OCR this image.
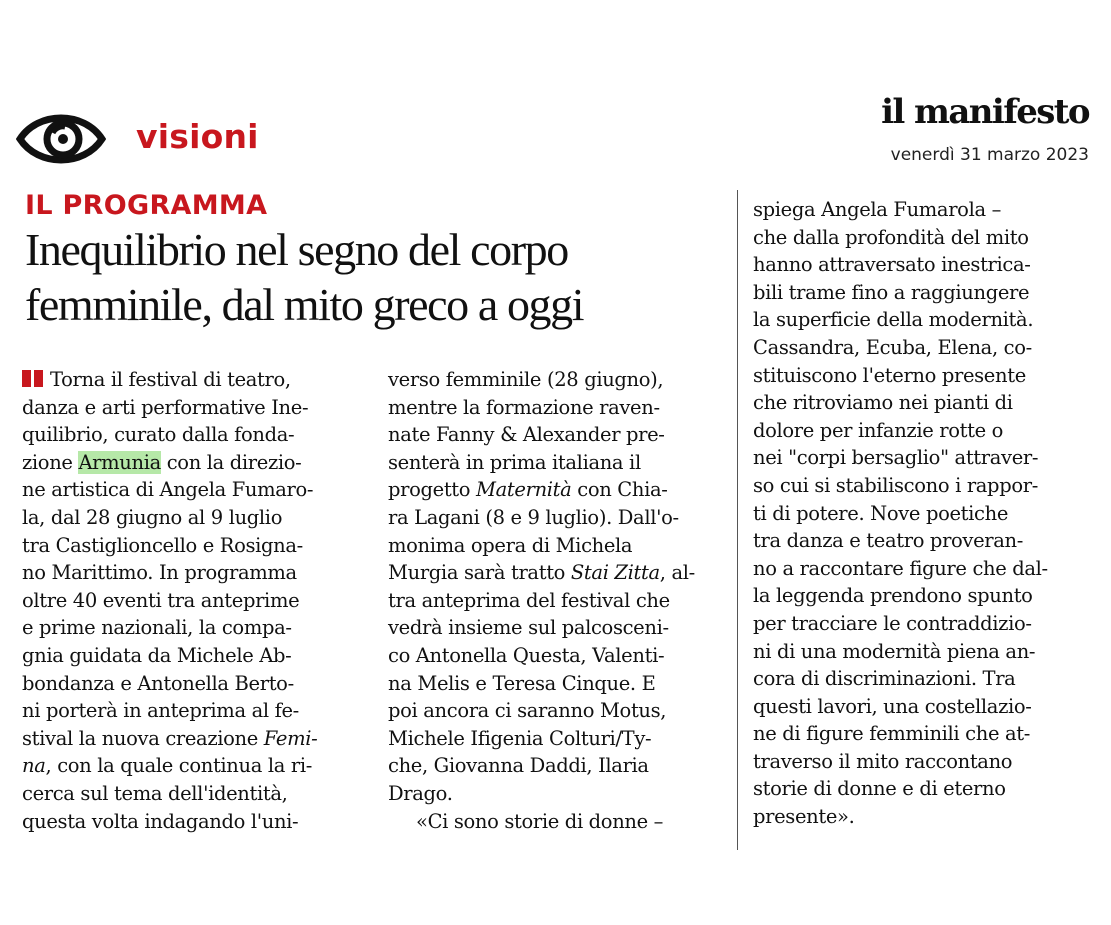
visioni
il manifesto
venerdì 31 marzo 2023
IL PROGRAMMA
Inequilibrio nel segno del corpo
femminile, dal mito greco a oggi
Torna il festival di teatro,
danza e arti performative Ine-
quilibrio, curato dalla fonda-
zione Armunia con la direzio-
ne artistica di Angela Fumaro-
la, dal 28 giugno al 9 luglio
tra Castiglioncello e Rosigna-
no Marittimo. In programma
oltre 40 eventi tra anteprime
e prime nazionali, la compa-
gnia guidata da Michele Ab-
bondanza e Antonella Berto-
ni porterà in anteprima al fe-
stival la nuova creazione Femi-
na, con la quale continua la ri-
cerca sul tema dell'identità,
questa volta indagando l'uni-
verso femminile (28 giugno),
mentre la formazione raven-
nate Fanny & Alexander pre-
senterà in prima italiana il
progetto Maternità con Chia-
ra Lagani (8 e 9 luglio). Dall'o-
monima opera di Michela
Murgia sarà tratto Stai Zitta, al-
tra anteprima del festival che
vedrà insieme sul palcosceni-
co Antonella Questa, Valenti-
na Melis e Teresa Cinque. E
poi ancora ci saranno Motus,
Michele Ifigenia Colturi/Ty-
che, Giovanna Daddi, Ilaria
Drago.
«Ci sono storie di donne –
spiega Angela Fumarola –
che dalla profondità del mito
hanno attraversato inestrica-
bili trame fino a raggiungere
la superficie della modernità.
Cassandra, Ecuba, Elena, co-
stituiscono l'eterno presente
che ritroviamo nei pianti di
dolore per infanzie rotte o
nei "corpi bersaglio" attraver-
so cui si stabiliscono i rappor-
ti di potere. Nove poetiche
tra danza e teatro proveran-
no a raccontare figure che dal-
la leggenda prendono spunto
per tracciare le contraddizio-
ni di una modernità piena an-
cora di discriminazioni. Tra
questi lavori, una costellazio-
ne di figure femminili che at-
traverso il mito raccontano
storie di donne e di eterno
presente».
